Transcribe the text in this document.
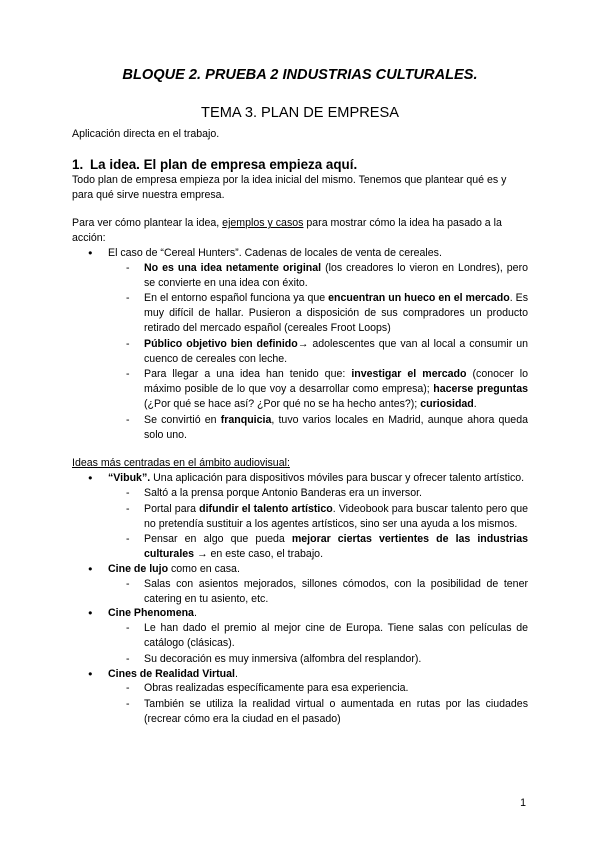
BLOQUE 2. PRUEBA 2 INDUSTRIAS CULTURALES.
TEMA 3. PLAN DE EMPRESA

Aplicación directa en el trabajo.

1. La idea. El plan de empresa empieza aquí.

Todo plan de empresa empieza por la idea inicial del mismo. Tenemos que plantear qué es y para qué sirve nuestra empresa.

Para ver cómo plantear la idea, ejemplos y casos para mostrar cómo la idea ha pasado a la acción:

● El caso de “Cereal Hunters”. Cadenas de locales de venta de cereales.
- No es una idea netamente original (los creadores lo vieron en Londres), pero se convierte en una idea con éxito.
- En el entorno español funciona ya que encuentran un hueco en el mercado. Es muy difícil de hallar. Pusieron a disposición de sus compradores un producto retirado del mercado español (cereales Froot Loops)
- Público objetivo bien definido→ adolescentes que van al local a consumir un cuenco de cereales con leche.
- Para llegar a una idea han tenido que: investigar el mercado (conocer lo máximo posible de lo que voy a desarrollar como empresa); hacerse preguntas (¿Por qué se hace así? ¿Por qué no se ha hecho antes?); curiosidad.
- Se convirtió en franquicia, tuvo varios locales en Madrid, aunque ahora queda solo uno.

Ideas más centradas en el ámbito audiovisual:

● “Vibuk”. Una aplicación para dispositivos móviles para buscar y ofrecer talento artístico.
- Saltó a la prensa porque Antonio Banderas era un inversor.
- Portal para difundir el talento artístico. Videobook para buscar talento pero que no pretendía sustituir a los agentes artísticos, sino ser una ayuda a los mismos.
- Pensar en algo que pueda mejorar ciertas vertientes de las industrias culturales → en este caso, el trabajo.
● Cine de lujo como en casa.
- Salas con asientos mejorados, sillones cómodos, con la posibilidad de tener catering en tu asiento, etc.
● Cine Phenomena.
- Le han dado el premio al mejor cine de Europa. Tiene salas con películas de catálogo (clásicas).
- Su decoración es muy inmersiva (alfombra del resplandor).
● Cines de Realidad Virtual.
- Obras realizadas específicamente para esa experiencia.
- También se utiliza la realidad virtual o aumentada en rutas por las ciudades (recrear cómo era la ciudad en el pasado)
1
